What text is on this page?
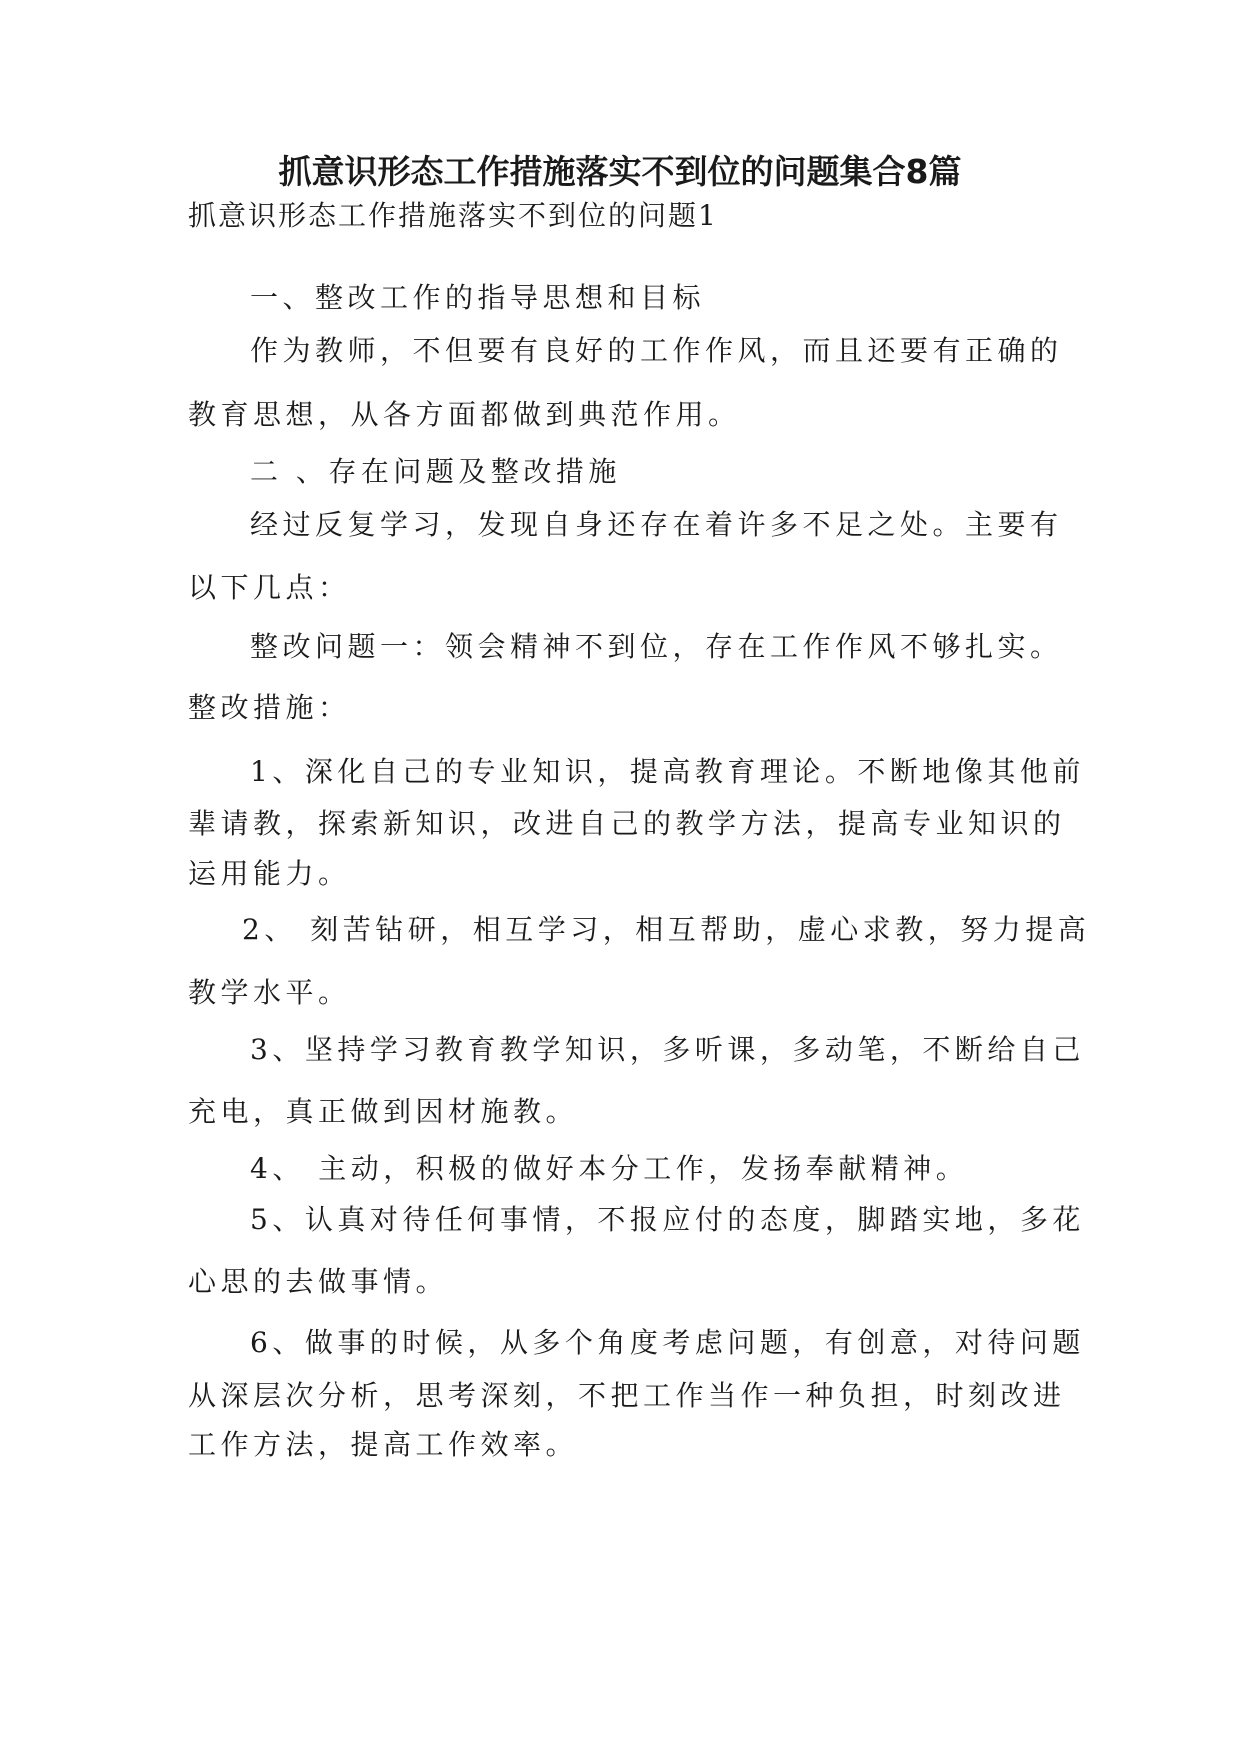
抓意识形态工作措施落实不到位的问题集合8篇
抓意识形态工作措施落实不到位的问题1
一、整改工作的指导思想和目标
作为教师，不但要有良好的工作作风，而且还要有正确的
教育思想，从各方面都做到典范作用。
二 、存在问题及整改措施
经过反复学习，发现自身还存在着许多不足之处。主要有
以下几点：
整改问题一：领会精神不到位，存在工作作风不够扎实。
整改措施：
1、深化自己的专业知识，提高教育理论。不断地像其他前
辈请教，探索新知识，改进自己的教学方法，提高专业知识的
运用能力。
2、 刻苦钻研，相互学习，相互帮助，虚心求教，努力提高
教学水平。
3、坚持学习教育教学知识，多听课，多动笔，不断给自己
充电，真正做到因材施教。
4、 主动，积极的做好本分工作，发扬奉献精神。
5、认真对待任何事情，不报应付的态度，脚踏实地，多花
心思的去做事情。
6、做事的时候，从多个角度考虑问题，有创意，对待问题
从深层次分析，思考深刻，不把工作当作一种负担，时刻改进
工作方法，提高工作效率。
